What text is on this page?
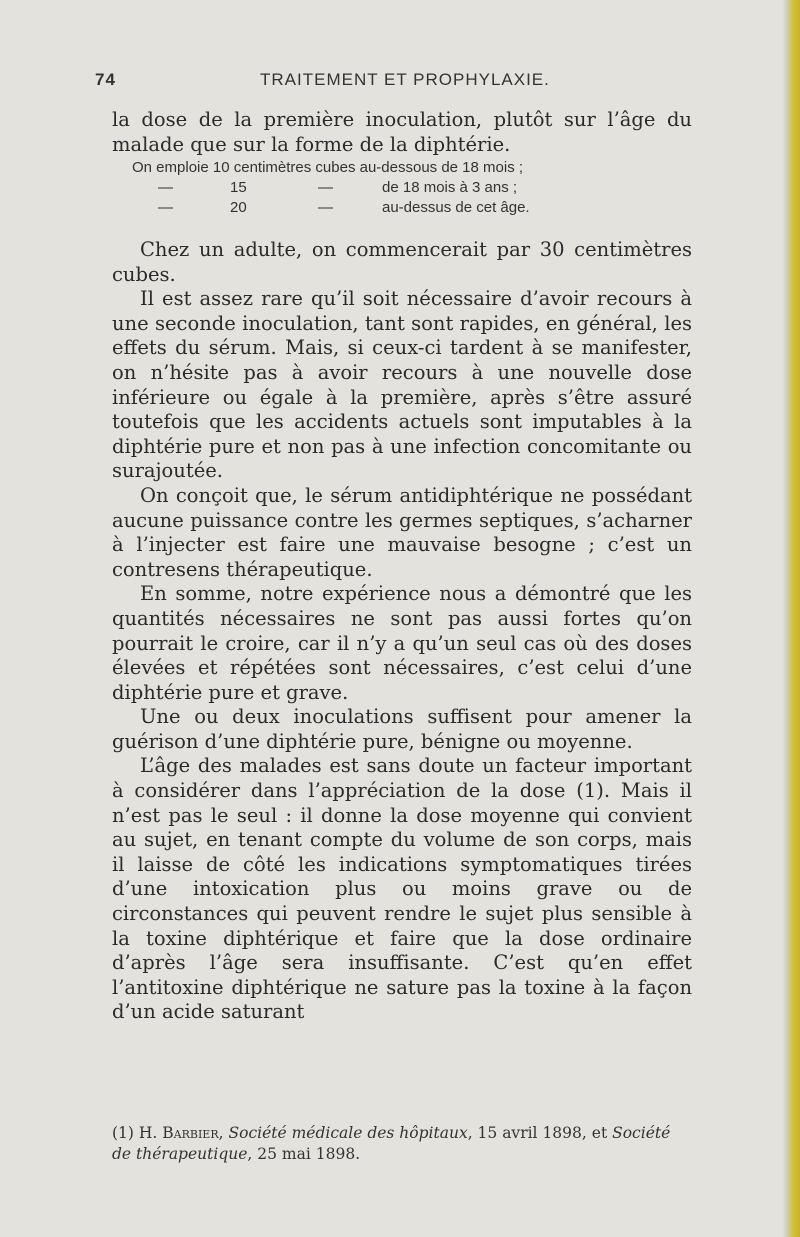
74	TRAITEMENT ET PROPHYLAXIE.

la dose de la première inoculation, plutôt sur l’âge du malade que sur la forme de la diphtérie.

On emploie 10 centimètres cubes au-dessous de 18 mois ;
—	15	—	de 18 mois à 3 ans ;
—	20	—	au-dessus de cet âge.

Chez un adulte, on commencerait par 30 centimètres cubes.

Il est assez rare qu’il soit nécessaire d’avoir recours à une seconde inoculation, tant sont rapides, en général, les effets du sérum. Mais, si ceux-ci tardent à se manifester, on n’hésite pas à avoir recours à une nouvelle dose inférieure ou égale à la première, après s’être assuré toutefois que les accidents actuels sont imputables à la diphtérie pure et non pas à une infection concomitante ou surajoutée.

On conçoit que, le sérum antidiphtérique ne possédant aucune puissance contre les germes septiques, s’acharner à l’injecter est faire une mauvaise besogne ; c’est un contresens thérapeutique.

En somme, notre expérience nous a démontré que les quantités nécessaires ne sont pas aussi fortes qu’on pourrait le croire, car il n’y a qu’un seul cas où des doses élevées et répétées sont nécessaires, c’est celui d’une diphtérie pure et grave.

Une ou deux inoculations suffisent pour amener la guérison d’une diphtérie pure, bénigne ou moyenne.

L’âge des malades est sans doute un facteur important à considérer dans l’appréciation de la dose (1). Mais il n’est pas le seul : il donne la dose moyenne qui convient au sujet, en tenant compte du volume de son corps, mais il laisse de côté les indications symptomatiques tirées d’une intoxication plus ou moins grave ou de circonstances qui peuvent rendre le sujet plus sensible à la toxine diphtérique et faire que la dose ordinaire d’après l’âge sera insuffisante. C’est qu’en effet l’antitoxine diphtérique ne sature pas la toxine à la façon d’un acide saturant

(1) H. Barbier, Société médicale des hôpitaux, 15 avril 1898, et Société de thérapeutique, 25 mai 1898.
